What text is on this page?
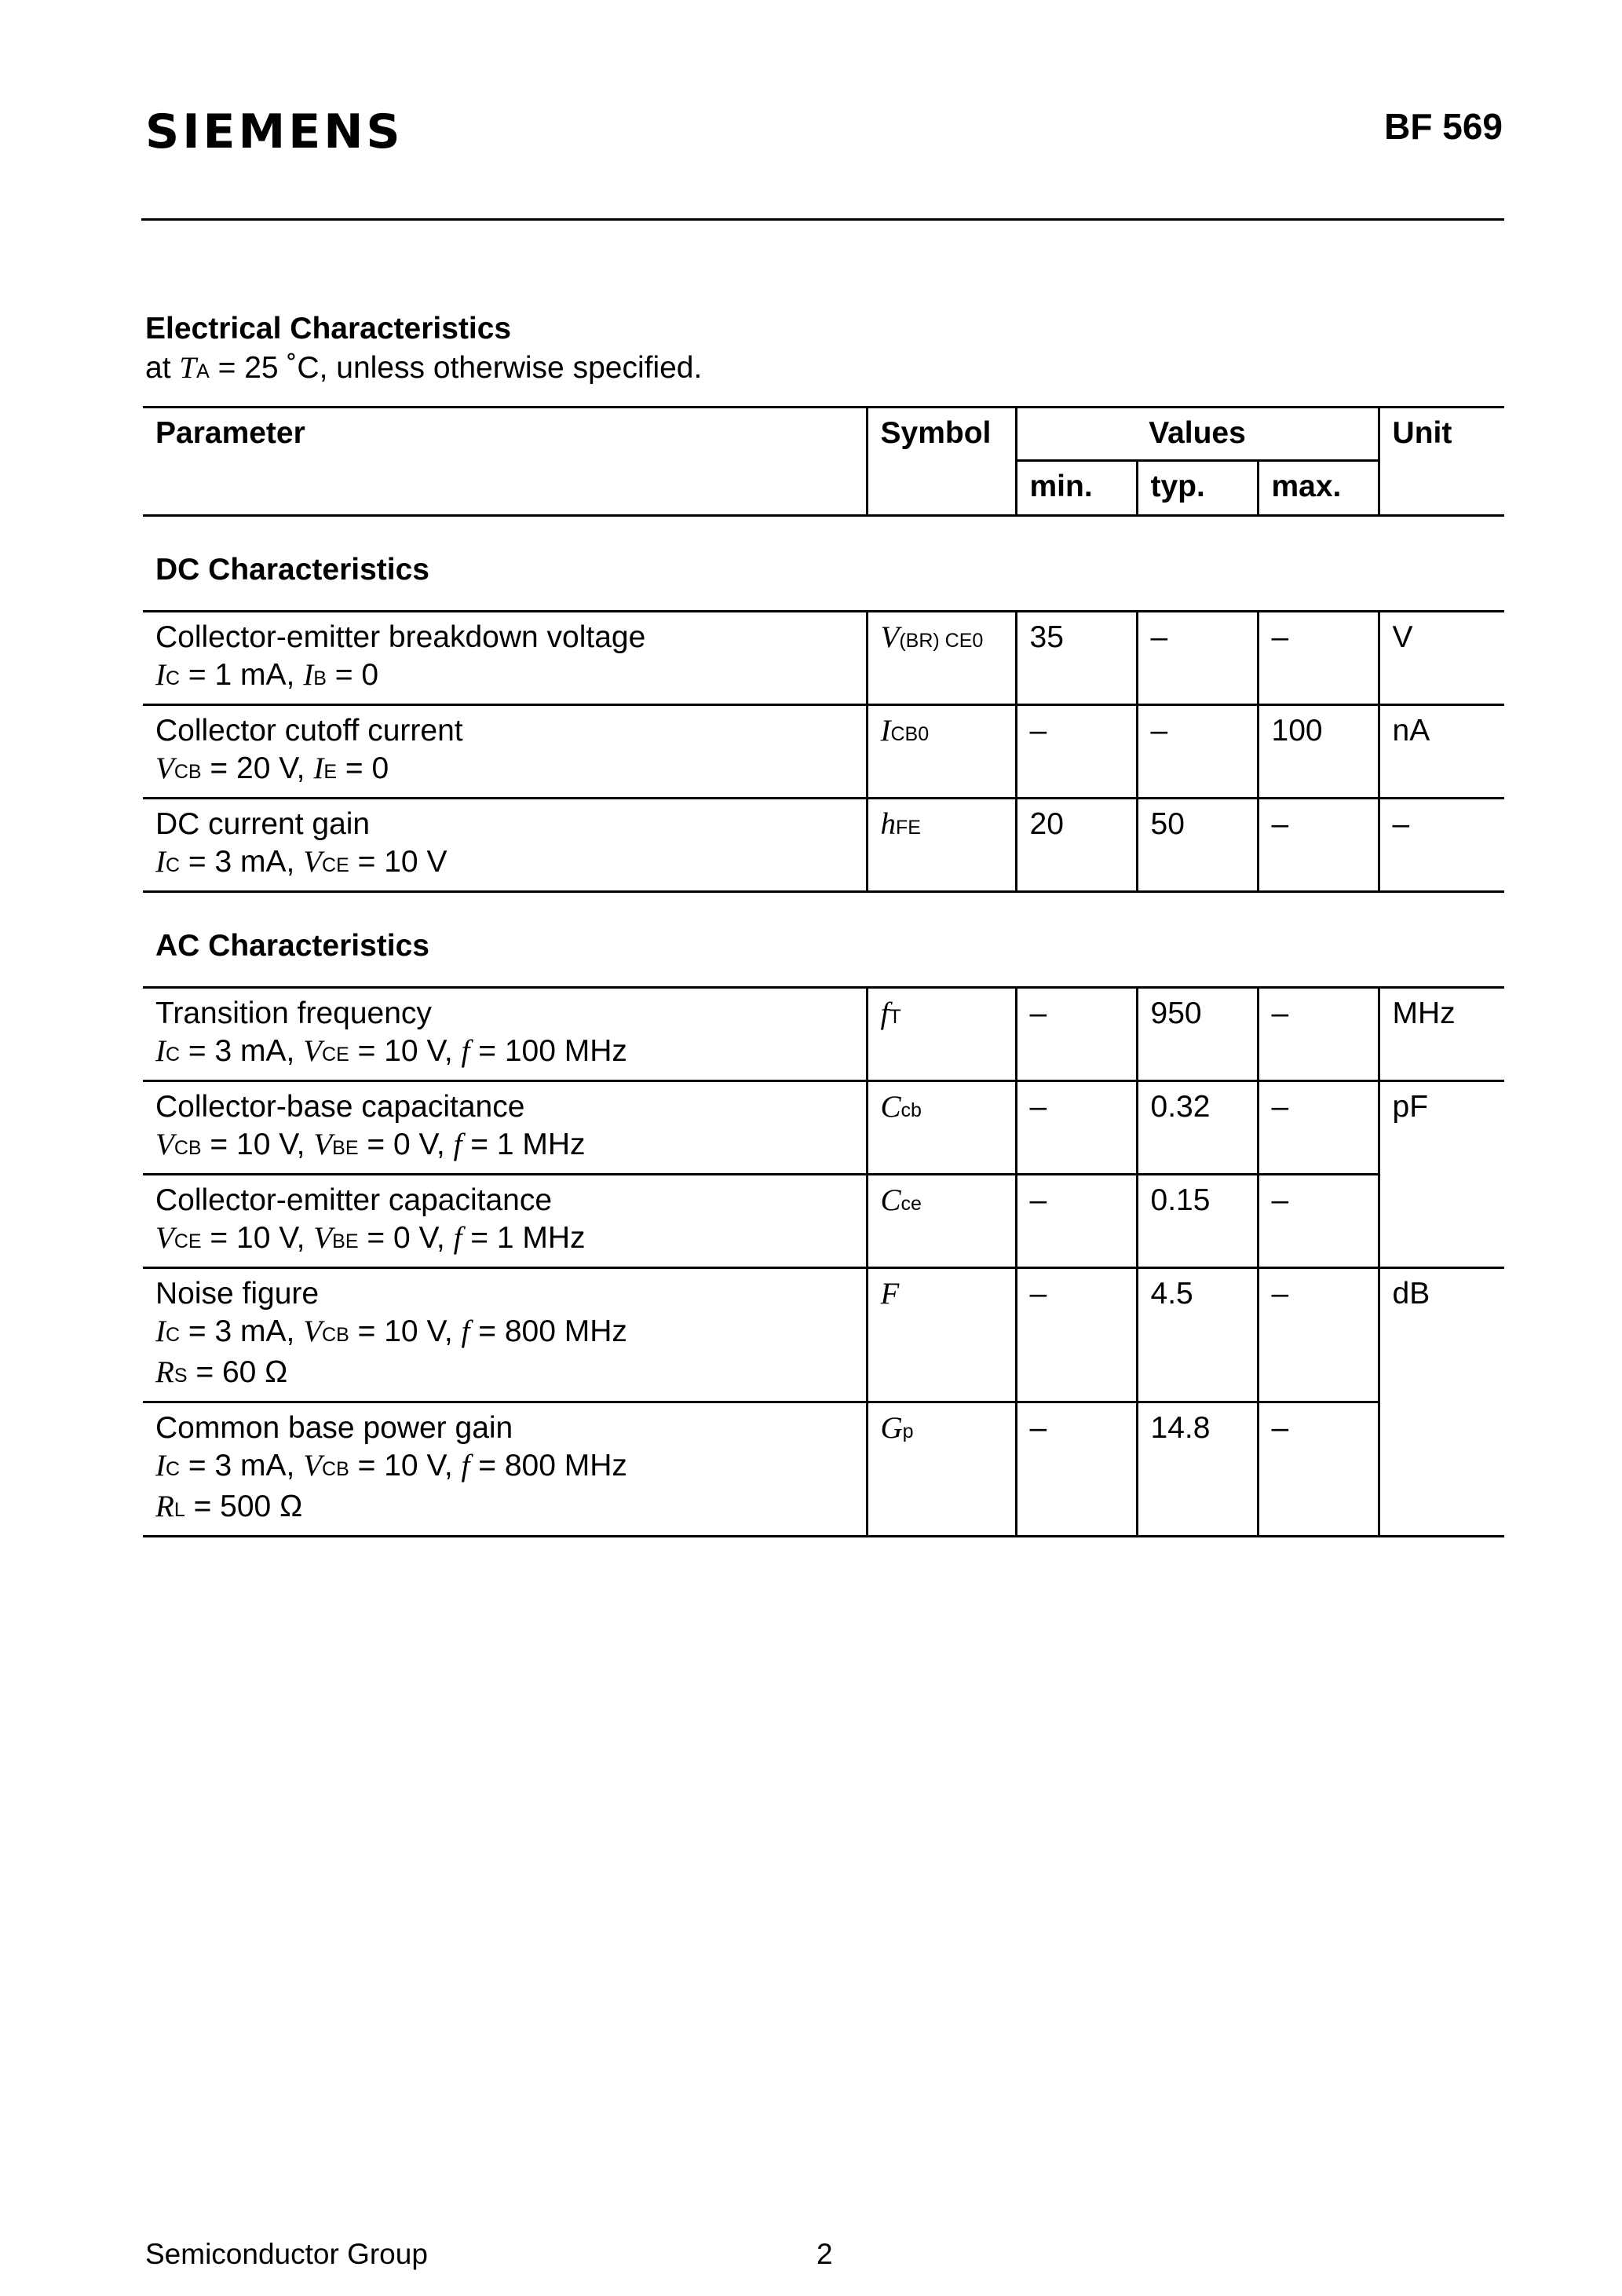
SIEMENS	BF 569
Electrical Characteristics
at TA = 25 ˚C, unless otherwise specified.
Parameter	Symbol	Values			Unit
		min.	typ.	max.	
DC Characteristics					

Collector-emitter breakdown voltage
IC = 1 mA, IB = 0	V(BR) CE0	35	–	–	V

Collector cutoff current
VCB = 20 V, IE = 0	ICB0	–	–	100	nA

DC current gain
IC = 3 mA, VCE = 10 V	hFE	20	50	–	–
AC Characteristics					

Transition frequency
IC = 3 mA, VCE = 10 V, f = 100 MHz	fT	–	950	–	MHz

Collector-base capacitance
VCB = 10 V, VBE = 0 V, f = 1 MHz	Ccb	–	0.32	–	pF

Collector-emitter capacitance
VCE = 10 V, VBE = 0 V, f = 1 MHz	Cce	–	0.15	–	

Noise figure
IC = 3 mA, VCB = 10 V, f = 800 MHz
RS = 60 Ω	F	–	4.5	–	dB

Common base power gain
IC = 3 mA, VCB = 10 V, f = 800 MHz
RL = 500 Ω	Gp	–	14.8	–	
Semiconductor Group	2
